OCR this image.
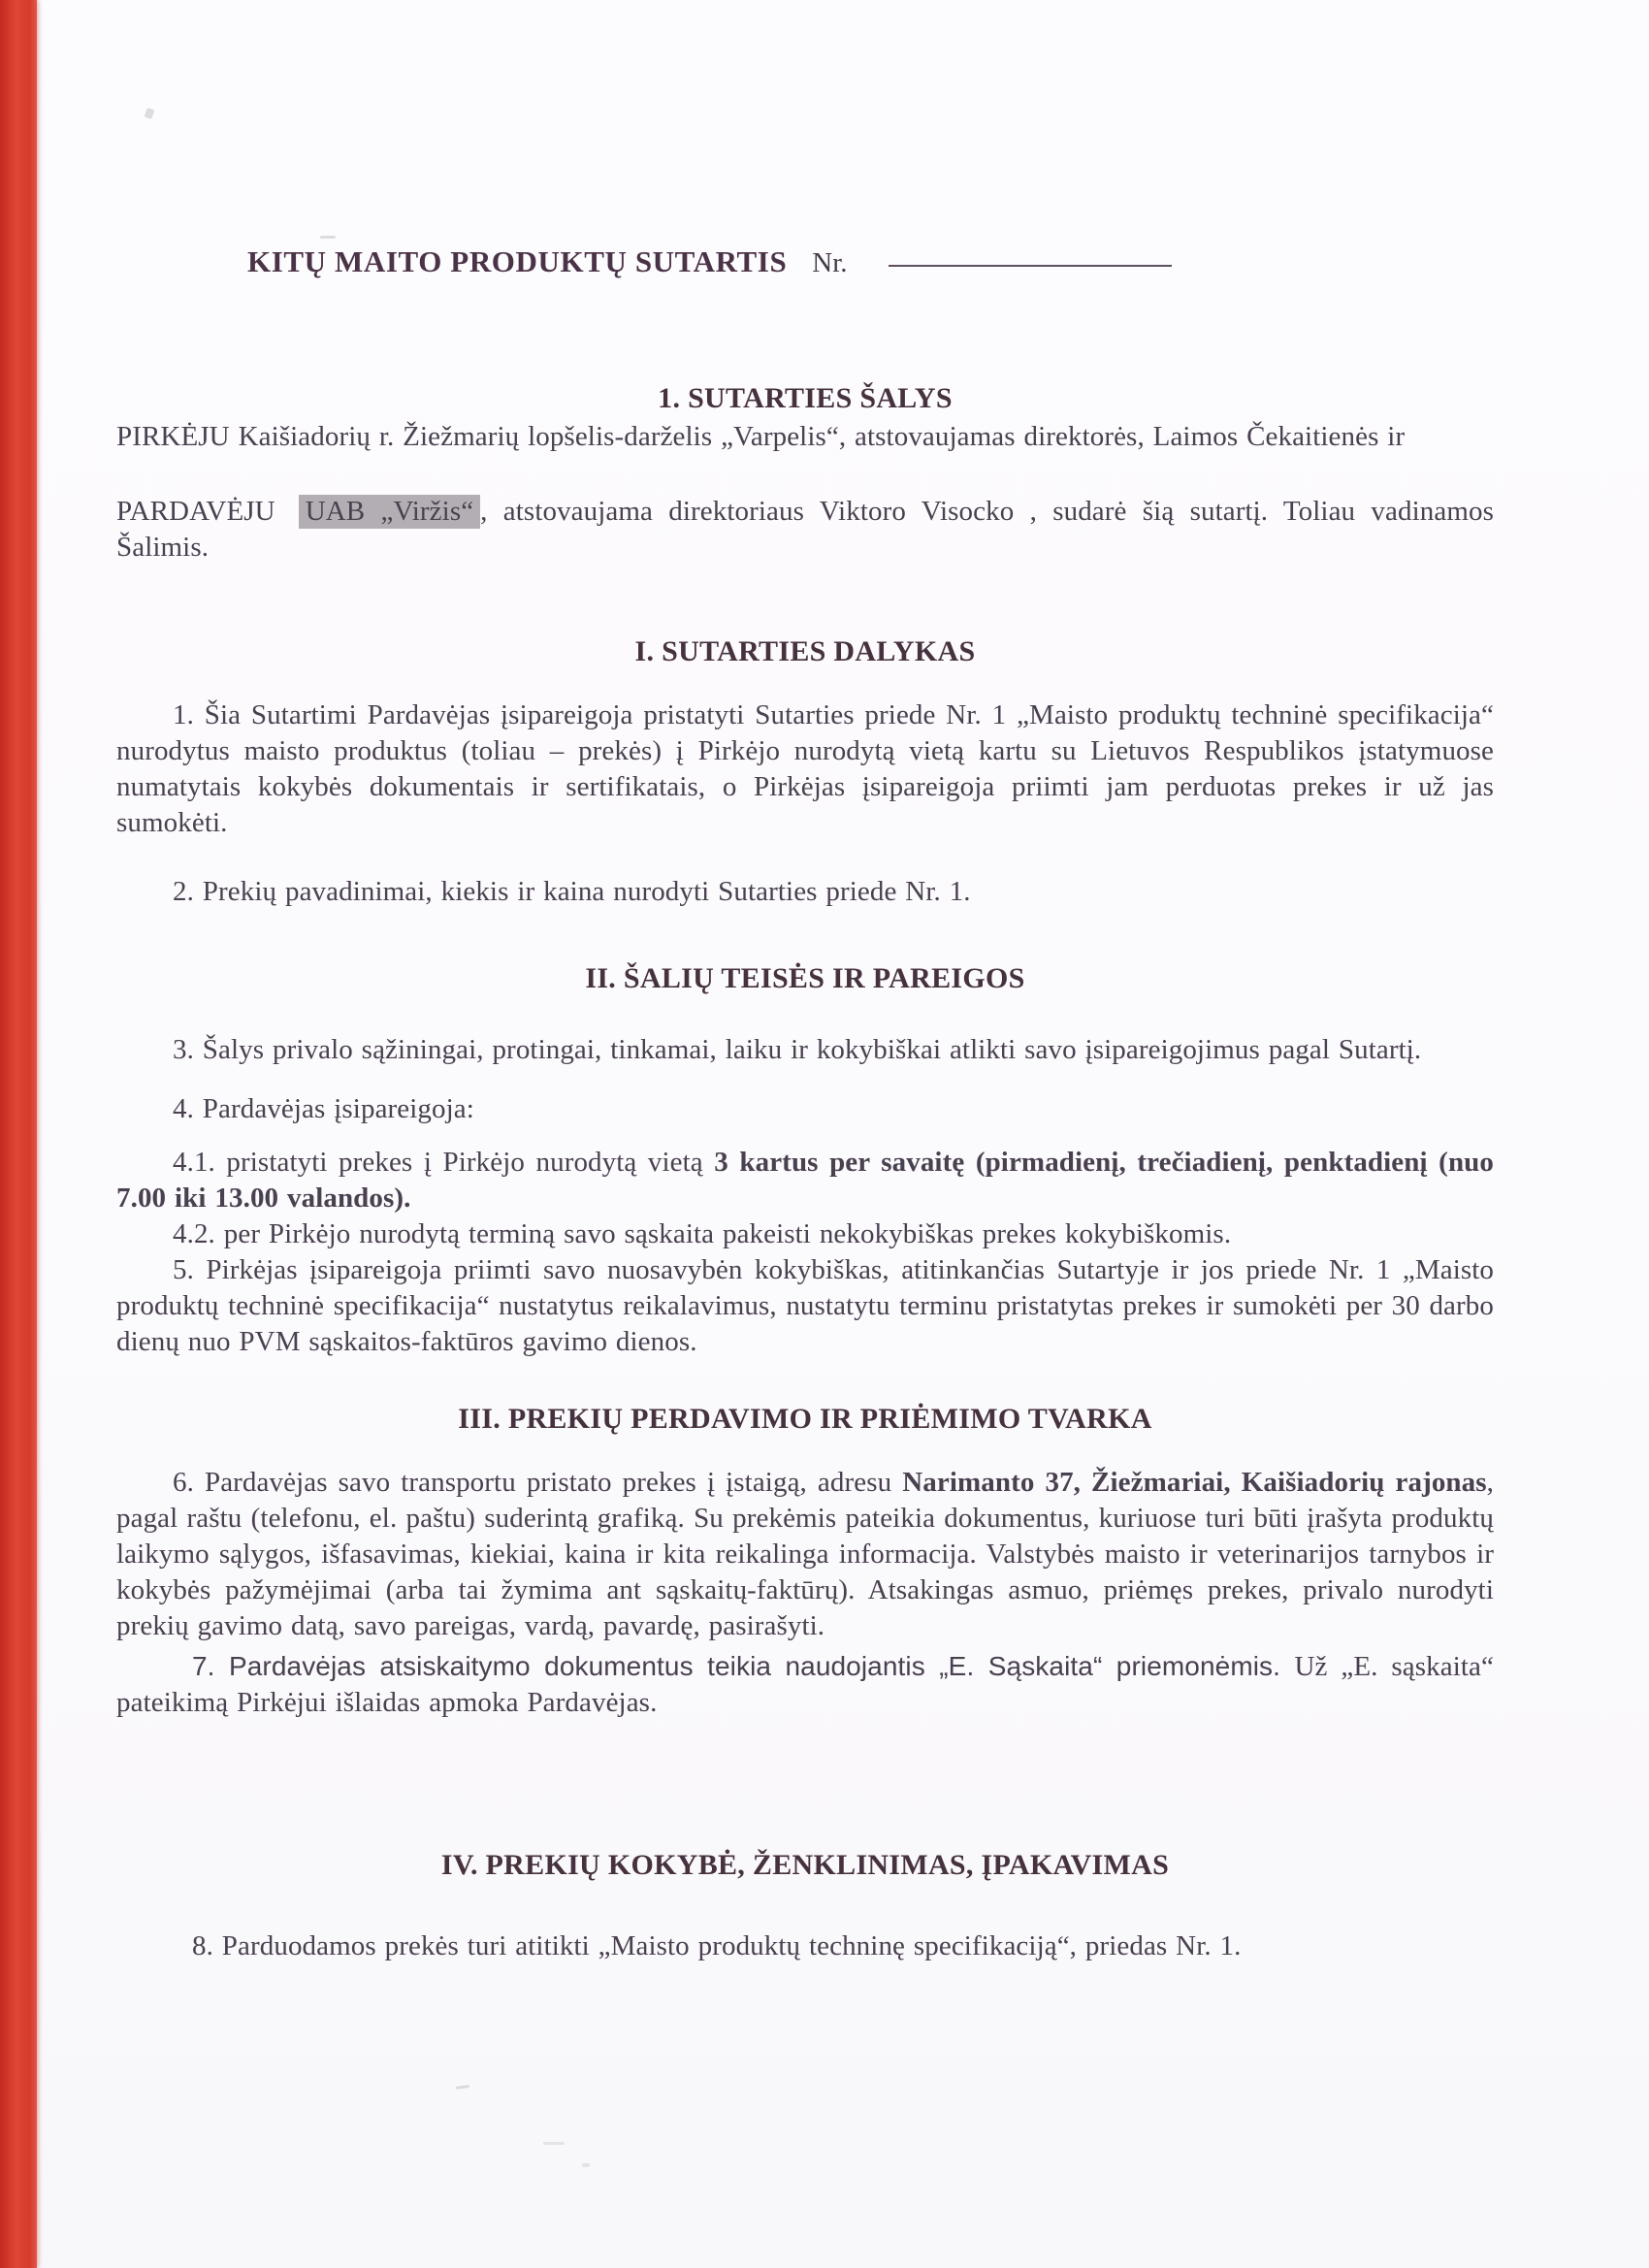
KITŲ MAITO PRODUKTŲ SUTARTIS Nr.
1. SUTARTIES ŠALYS

PIRKĖJU Kaišiadorių r. Žiežmarių lopšelis-darželis „Varpelis“, atstovaujamas direktorės, Laimos Čekaitienės ir

PARDAVĖJU UAB „Viržis“ , atstovaujama direktoriaus Viktoro Visocko , sudarė šią sutartį. Toliau vadinamos Šalimis.

I. SUTARTIES DALYKAS

1. Šia Sutartimi Pardavėjas įsipareigoja pristatyti Sutarties priede Nr. 1 „Maisto produktų techninė specifikacija“ nurodytus maisto produktus (toliau – prekės) į Pirkėjo nurodytą vietą kartu su Lietuvos Respublikos įstatymuose numatytais kokybės dokumentais ir sertifikatais, o Pirkėjas įsipareigoja priimti jam perduotas prekes ir už jas sumokėti.

2. Prekių pavadinimai, kiekis ir kaina nurodyti Sutarties priede Nr. 1.

II. ŠALIŲ TEISĖS IR PAREIGOS

3. Šalys privalo sąžiningai, protingai, tinkamai, laiku ir kokybiškai atlikti savo įsipareigojimus pagal Sutartį.

4. Pardavėjas įsipareigoja:

4.1. pristatyti prekes į Pirkėjo nurodytą vietą 3 kartus per savaitę (pirmadienį, trečiadienį, penktadienį (nuo 7.00 iki 13.00 valandos).

4.2. per Pirkėjo nurodytą terminą savo sąskaita pakeisti nekokybiškas prekes kokybiškomis.

5. Pirkėjas įsipareigoja priimti savo nuosavybėn kokybiškas, atitinkančias Sutartyje ir jos priede Nr. 1 „Maisto produktų techninė specifikacija“ nustatytus reikalavimus, nustatytu terminu pristatytas prekes ir sumokėti per 30 darbo dienų nuo PVM sąskaitos-faktūros gavimo dienos.

III. PREKIŲ PERDAVIMO IR PRIĖMIMO TVARKA

6. Pardavėjas savo transportu pristato prekes į įstaigą, adresu Narimanto 37, Žiežmariai, Kaišiadorių rajonas, pagal raštu (telefonu, el. paštu) suderintą grafiką. Su prekėmis pateikia dokumentus, kuriuose turi būti įrašyta produktų laikymo sąlygos, išfasavimas, kiekiai, kaina ir kita reikalinga informacija. Valstybės maisto ir veterinarijos tarnybos ir kokybės pažymėjimai (arba tai žymima ant sąskaitų-faktūrų). Atsakingas asmuo, priėmęs prekes, privalo nurodyti prekių gavimo datą, savo pareigas, vardą, pavardę, pasirašyti.

7. Pardavėjas atsiskaitymo dokumentus teikia naudojantis „E. Sąskaita“ priemonėmis. Už „E. sąskaita“ pateikimą Pirkėjui išlaidas apmoka Pardavėjas.

IV. PREKIŲ KOKYBĖ, ŽENKLINIMAS, ĮPAKAVIMAS

8. Parduodamos prekės turi atitikti „Maisto produktų techninę specifikaciją“, priedas Nr. 1.
